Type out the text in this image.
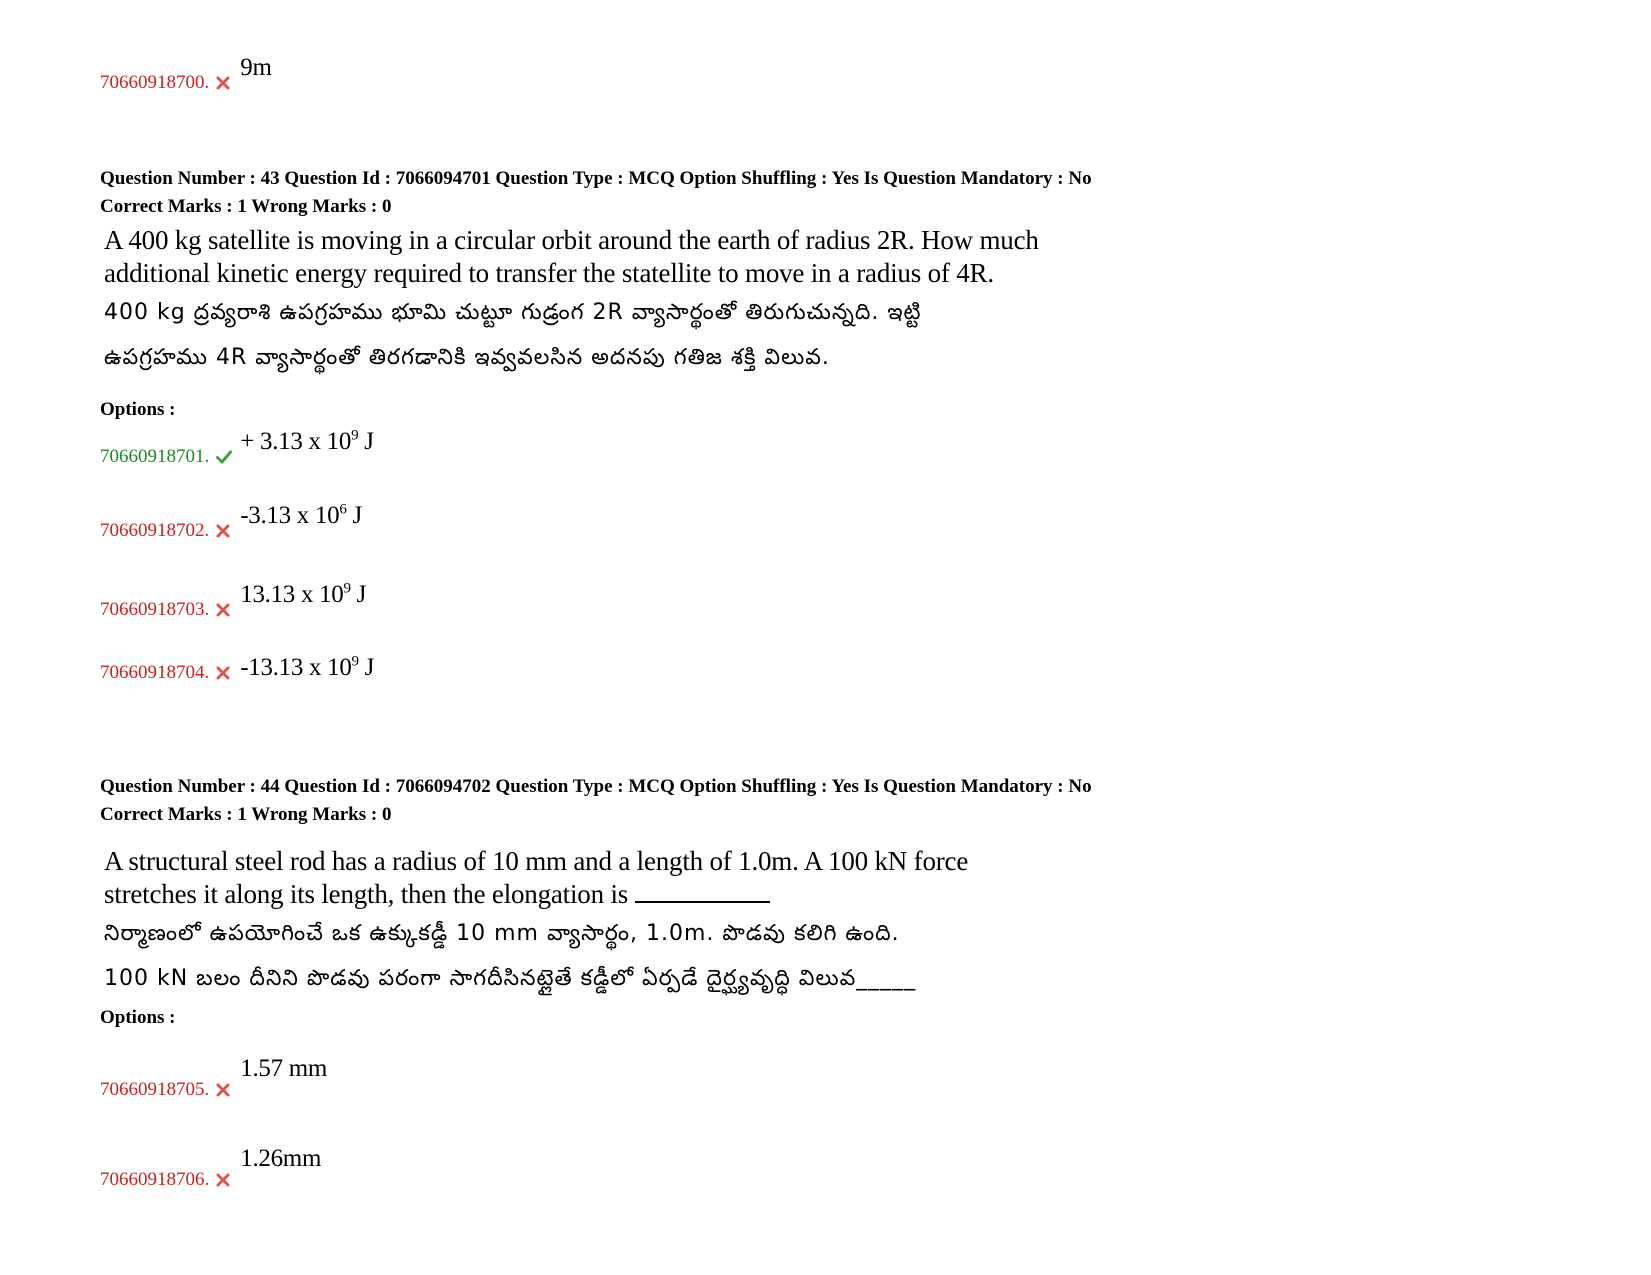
70660918700.
9m
Question Number : 43 Question Id : 7066094701 Question Type : MCQ Option Shuffling : Yes Is Question Mandatory : No
Correct Marks : 1 Wrong Marks : 0
A 400 kg satellite is moving in a circular orbit around the earth of radius 2R. How much
additional kinetic energy required to transfer the statellite to move in a radius of 4R.
400 kg ద్రవ్యరాశి ఉపగ్రహము భూమి చుట్టూ గుడ్రంగ 2R వ్యాసార్థంతో తిరుగుచున్నది. ఇట్టి
ఉపగ్రహము 4R వ్యాసార్థంతో తిరగడానికి ఇవ్వవలసిన అదనపు గతిజ శక్తి విలువ.
Options :
70660918701.
+ 3.13 x $10^9$ J
70660918702.
-3.13 x $10^6$ J
70660918703.
13.13 x $10^9$ J
70660918704. -13.13 x $10^9$ J
Question Number : 44 Question Id : 7066094702 Question Type : MCQ Option Shuffling : Yes Is Question Mandatory : No
Correct Marks : 1 Wrong Marks : 0
A structural steel rod has a radius of 10 mm and a length of 1.0m. A 100 kN force
stretches it along its length, then the elongation is
నిర్మాణంలో ఉపయోగించే ఒక ఉక్కుకడ్డీ 10 mm వ్యాసార్థం, 1.0m. పొడవు కలిగి ఉంది.
100 kN బలం దీనిని పొడవు పరంగా సాగదీసినట్లైతే కడ్డీలో ఏర్పడే దైర్ఘ్యవృద్ధి విలువ_____
Options :
70660918705.
1.57 mm
70660918706.
1.26mm
